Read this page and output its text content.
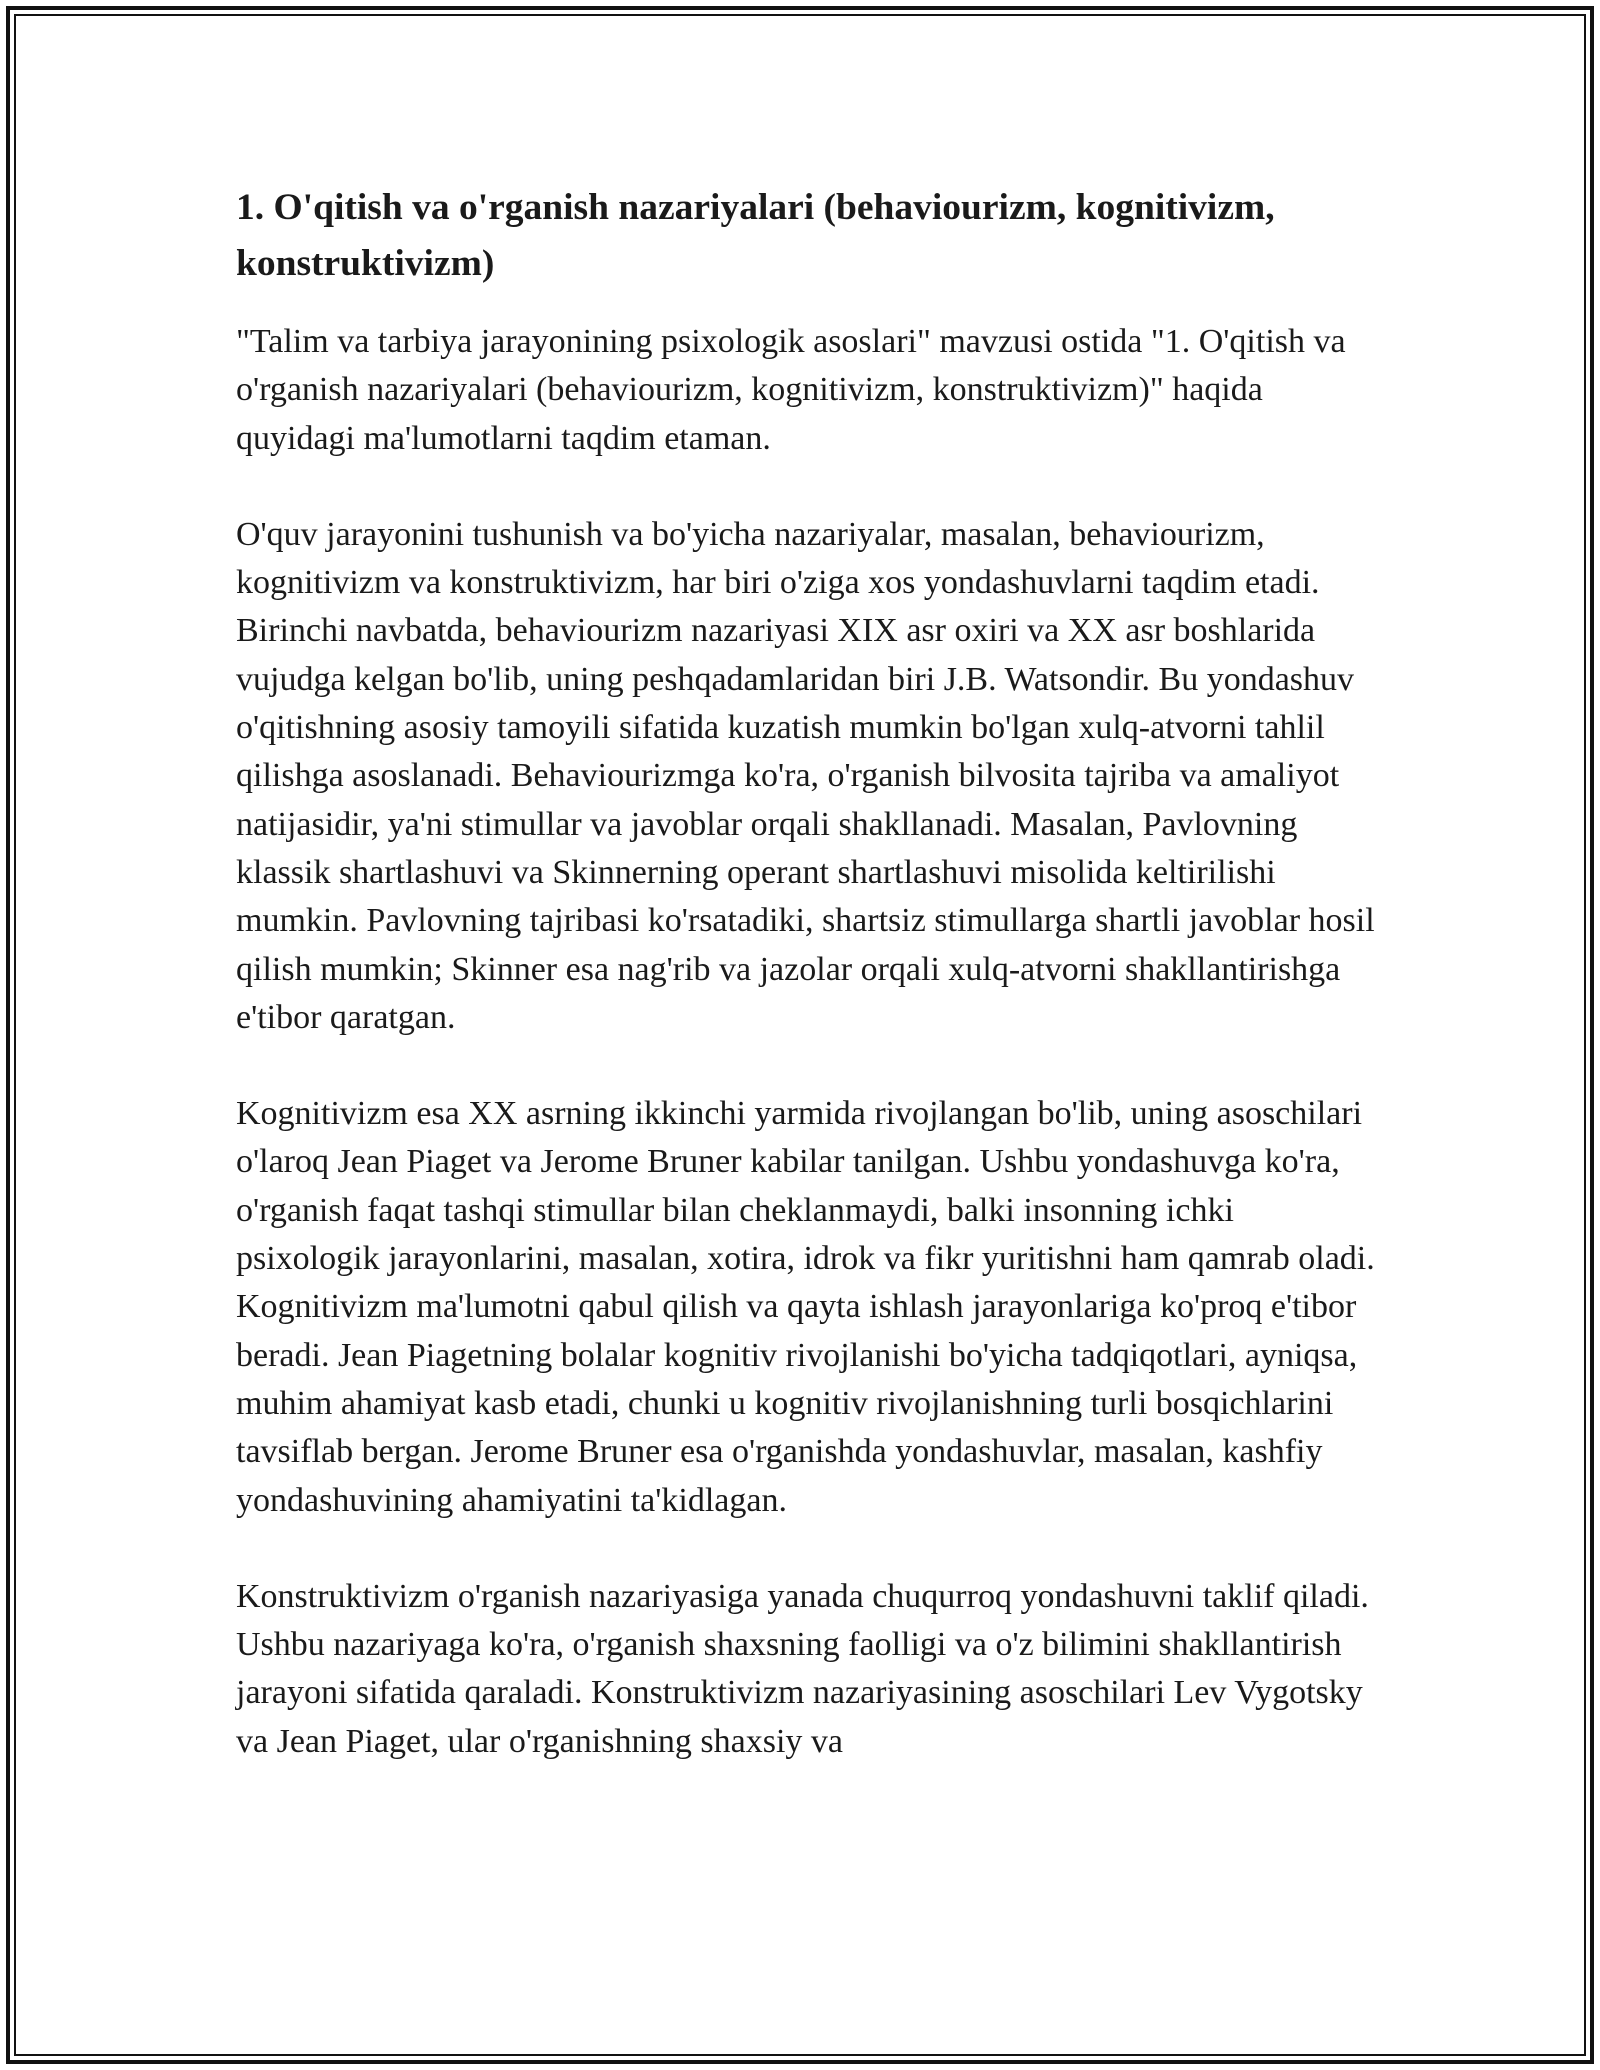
1. O'qitish va o'rganish nazariyalari (behaviourizm, kognitivizm, konstruktivizm)

"Talim va tarbiya jarayonining psixologik asoslari" mavzusi ostida "1. O'qitish va o'rganish nazariyalari (behaviourizm, kognitivizm, konstruktivizm)" haqida quyidagi ma'lumotlarni taqdim etaman.

O'quv jarayonini tushunish va bo'yicha nazariyalar, masalan, behaviourizm, kognitivizm va konstruktivizm, har biri o'ziga xos yondashuvlarni taqdim etadi. Birinchi navbatda, behaviourizm nazariyasi XIX asr oxiri va XX asr boshlarida vujudga kelgan bo'lib, uning peshqadamlaridan biri J.B. Watsondir. Bu yondashuv o'qitishning asosiy tamoyili sifatida kuzatish mumkin bo'lgan xulq-atvorni tahlil qilishga asoslanadi. Behaviourizmga ko'ra, o'rganish bilvosita tajriba va amaliyot natijasidir, ya'ni stimullar va javoblar orqali shakllanadi. Masalan, Pavlovning klassik shartlashuvi va Skinnerning operant shartlashuvi misolida keltirilishi mumkin. Pavlovning tajribasi ko'rsatadiki, shartsiz stimullarga shartli javoblar hosil qilish mumkin; Skinner esa nag'rib va jazolar orqali xulq-atvorni shakllantirishga e'tibor qaratgan.

Kognitivizm esa XX asrning ikkinchi yarmida rivojlangan bo'lib, uning asoschilari o'laroq Jean Piaget va Jerome Bruner kabilar tanilgan. Ushbu yondashuvga ko'ra, o'rganish faqat tashqi stimullar bilan cheklanmaydi, balki insonning ichki psixologik jarayonlarini, masalan, xotira, idrok va fikr yuritishni ham qamrab oladi. Kognitivizm ma'lumotni qabul qilish va qayta ishlash jarayonlariga ko'proq e'tibor beradi. Jean Piagetning bolalar kognitiv rivojlanishi bo'yicha tadqiqotlari, ayniqsa, muhim ahamiyat kasb etadi, chunki u kognitiv rivojlanishning turli bosqichlarini tavsiflab bergan. Jerome Bruner esa o'rganishda yondashuvlar, masalan, kashfiy yondashuvining ahamiyatini ta'kidlagan.

Konstruktivizm o'rganish nazariyasiga yanada chuqurroq yondashuvni taklif qiladi. Ushbu nazariyaga ko'ra, o'rganish shaxsning faolligi va o'z bilimini shakllantirish jarayoni sifatida qaraladi. Konstruktivizm nazariyasining asoschilari Lev Vygotsky va Jean Piaget, ular o'rganishning shaxsiy va
